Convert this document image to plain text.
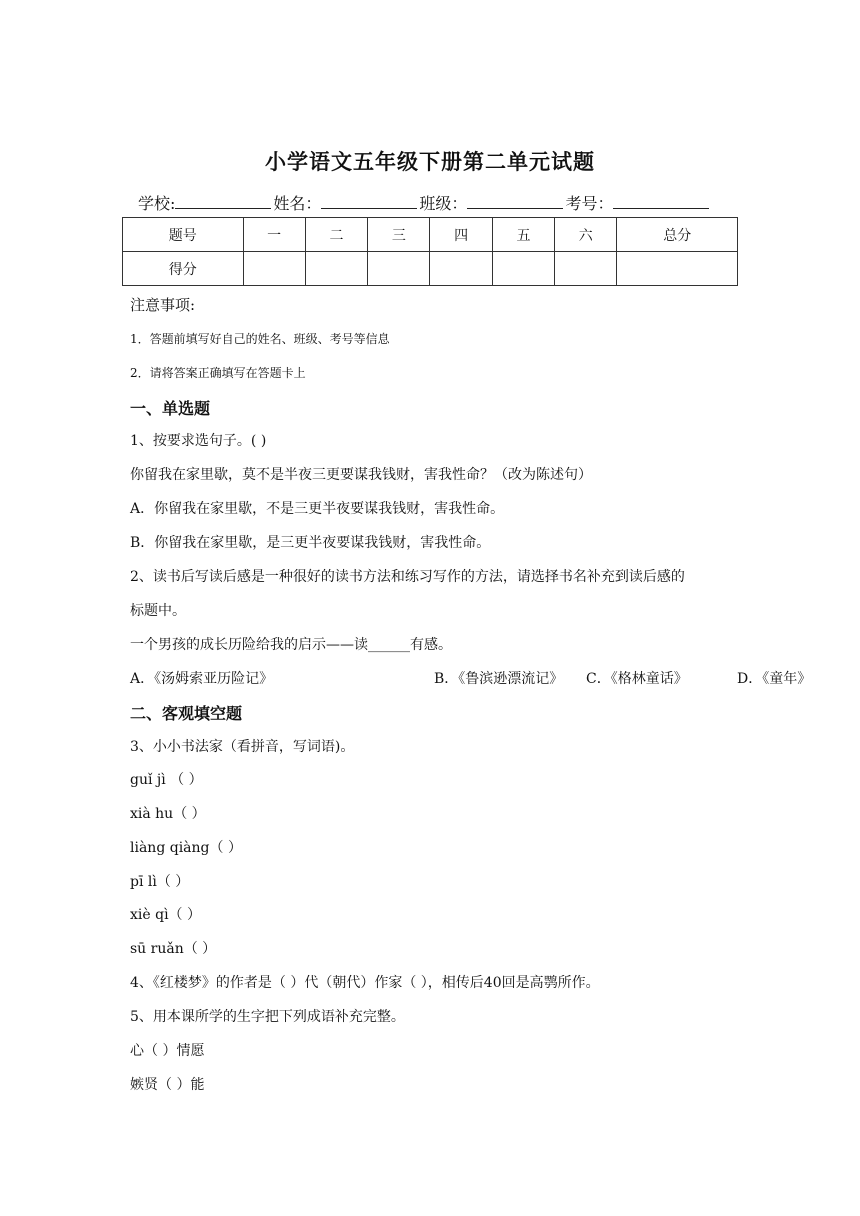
小学语文五年级下册第二单元试题
学校:	姓名：	班级：	考号：
题号	一	二	三	四	五	六	总分
得分							
注意事项:
1．答题前填写好自己的姓名、班级、考号等信息
2．请将答案正确填写在答题卡上
一、单选题
1、按要求选句子。( )
你留我在家里歇，莫不是半夜三更要谋我钱财，害我性命？（改为陈述句）
A．你留我在家里歇，不是三更半夜要谋我钱财，害我性命。
B．你留我在家里歇，是三更半夜要谋我钱财，害我性命。
2、读书后写读后感是一种很好的读书方法和练习写作的方法，请选择书名补充到读后感的
标题中。
一个男孩的成长历险给我的启示——读______有感。
A．《汤姆索亚历险记》	B．《鲁滨逊漂流记》 C．《格林童话》	D．《童年》
二、客观填空题
3、小小书法家（看拼音，写词语)。
guǐ jì （ ）
xià hu（ ）
liàng qiàng（ ）
pī lì（ ）
xiè qì（ ）
sū ruǎn（ ）
4、《红楼梦》的作者是（ ）代（朝代）作家（ ），相传后40回是高鹗所作。
5、用本课所学的生字把下列成语补充完整。
心（ ）情愿
嫉贤（ ）能
